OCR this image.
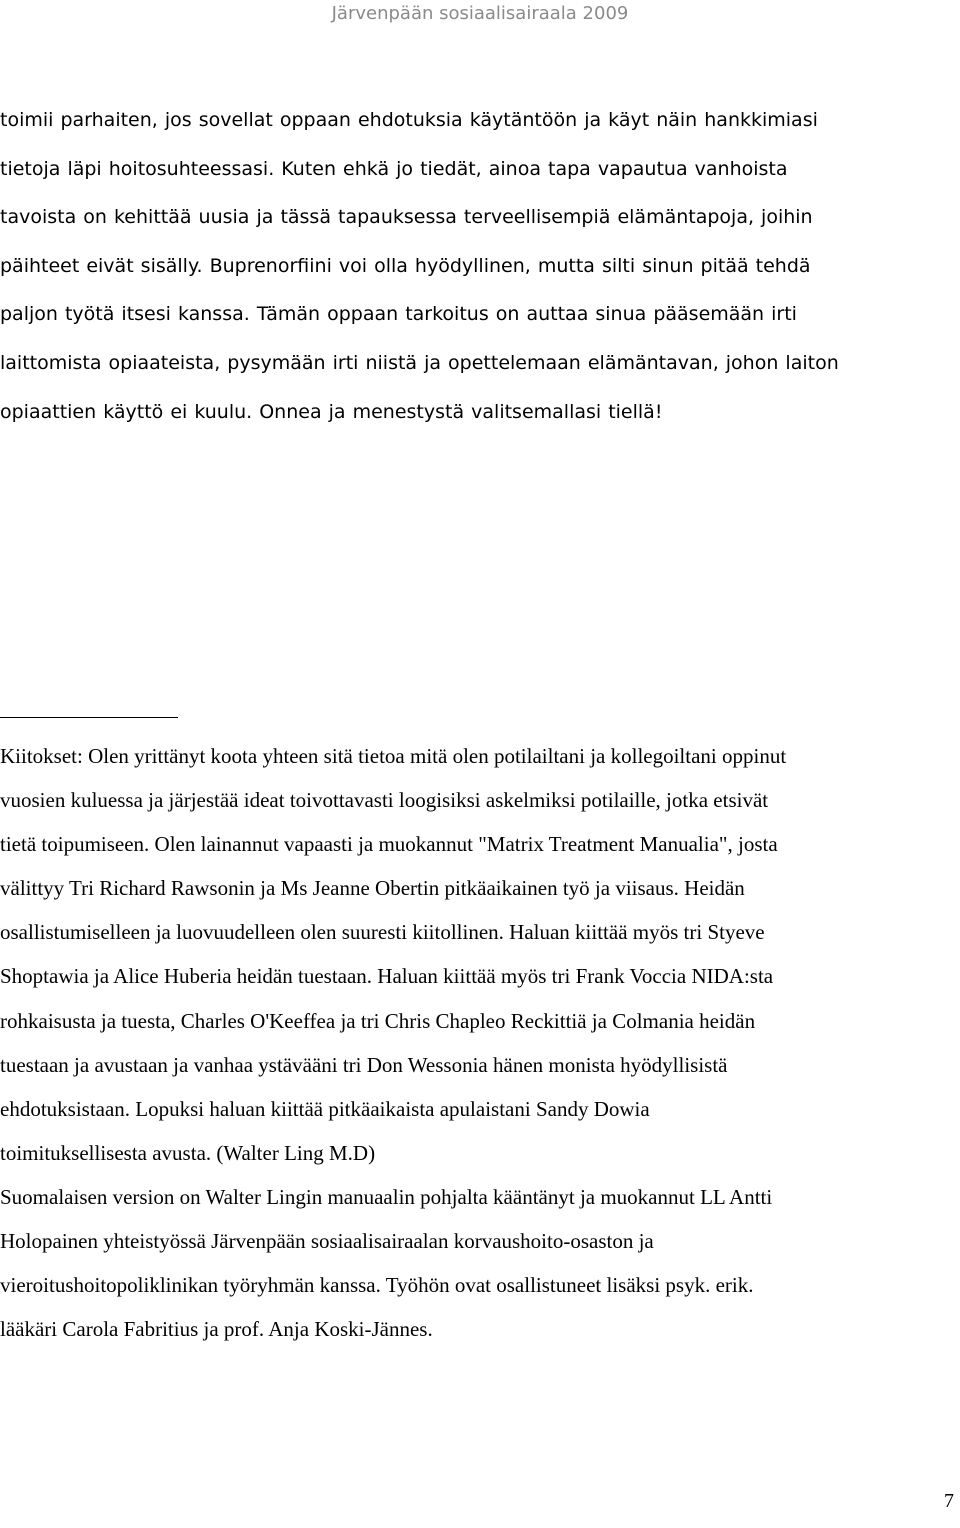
Järvenpään sosiaalisairaala 2009
toimii parhaiten, jos sovellat oppaan ehdotuksia käytäntöön ja käyt näin hankkimiasi
tietoja läpi hoitosuhteessasi. Kuten ehkä jo tiedät, ainoa tapa vapautua vanhoista
tavoista on kehittää uusia ja tässä tapauksessa terveellisempiä elämäntapoja, joihin
päihteet eivät sisälly. Buprenorfiini voi olla hyödyllinen, mutta silti sinun pitää tehdä
paljon työtä itsesi kanssa. Tämän oppaan tarkoitus on auttaa sinua pääsemään irti
laittomista opiaateista, pysymään irti niistä ja opettelemaan elämäntavan, johon laiton
opiaattien käyttö ei kuulu. Onnea ja menestystä valitsemallasi tiellä!
Kiitokset: Olen yrittänyt koota yhteen sitä tietoa mitä olen potilailtani ja kollegoiltani oppinut
vuosien kuluessa ja järjestää ideat toivottavasti loogisiksi askelmiksi potilaille, jotka etsivät
tietä toipumiseen. Olen lainannut vapaasti ja muokannut "Matrix Treatment Manualia", josta
välittyy Tri Richard Rawsonin ja Ms Jeanne Obertin pitkäaikainen työ ja viisaus. Heidän
osallistumiselleen ja luovuudelleen olen suuresti kiitollinen. Haluan kiittää myös tri Styeve
Shoptawia ja Alice Huberia heidän tuestaan. Haluan kiittää myös tri Frank Voccia NIDA:sta
rohkaisusta ja tuesta, Charles O'Keeffea ja tri Chris Chapleo Reckittiä ja Colmania heidän
tuestaan ja avustaan ja vanhaa ystävääni tri Don Wessonia hänen monista hyödyllisistä
ehdotuksistaan. Lopuksi haluan kiittää pitkäaikaista apulaistani Sandy Dowia
toimituksellisesta avusta. (Walter Ling M.D)
Suomalaisen version on Walter Lingin manuaalin pohjalta kääntänyt ja muokannut LL Antti
Holopainen yhteistyössä Järvenpään sosiaalisairaalan korvaushoito-osaston ja
vieroitushoitopoliklinikan työryhmän kanssa. Työhön ovat osallistuneet lisäksi psyk. erik.
lääkäri Carola Fabritius ja prof. Anja Koski-Jännes.
7
